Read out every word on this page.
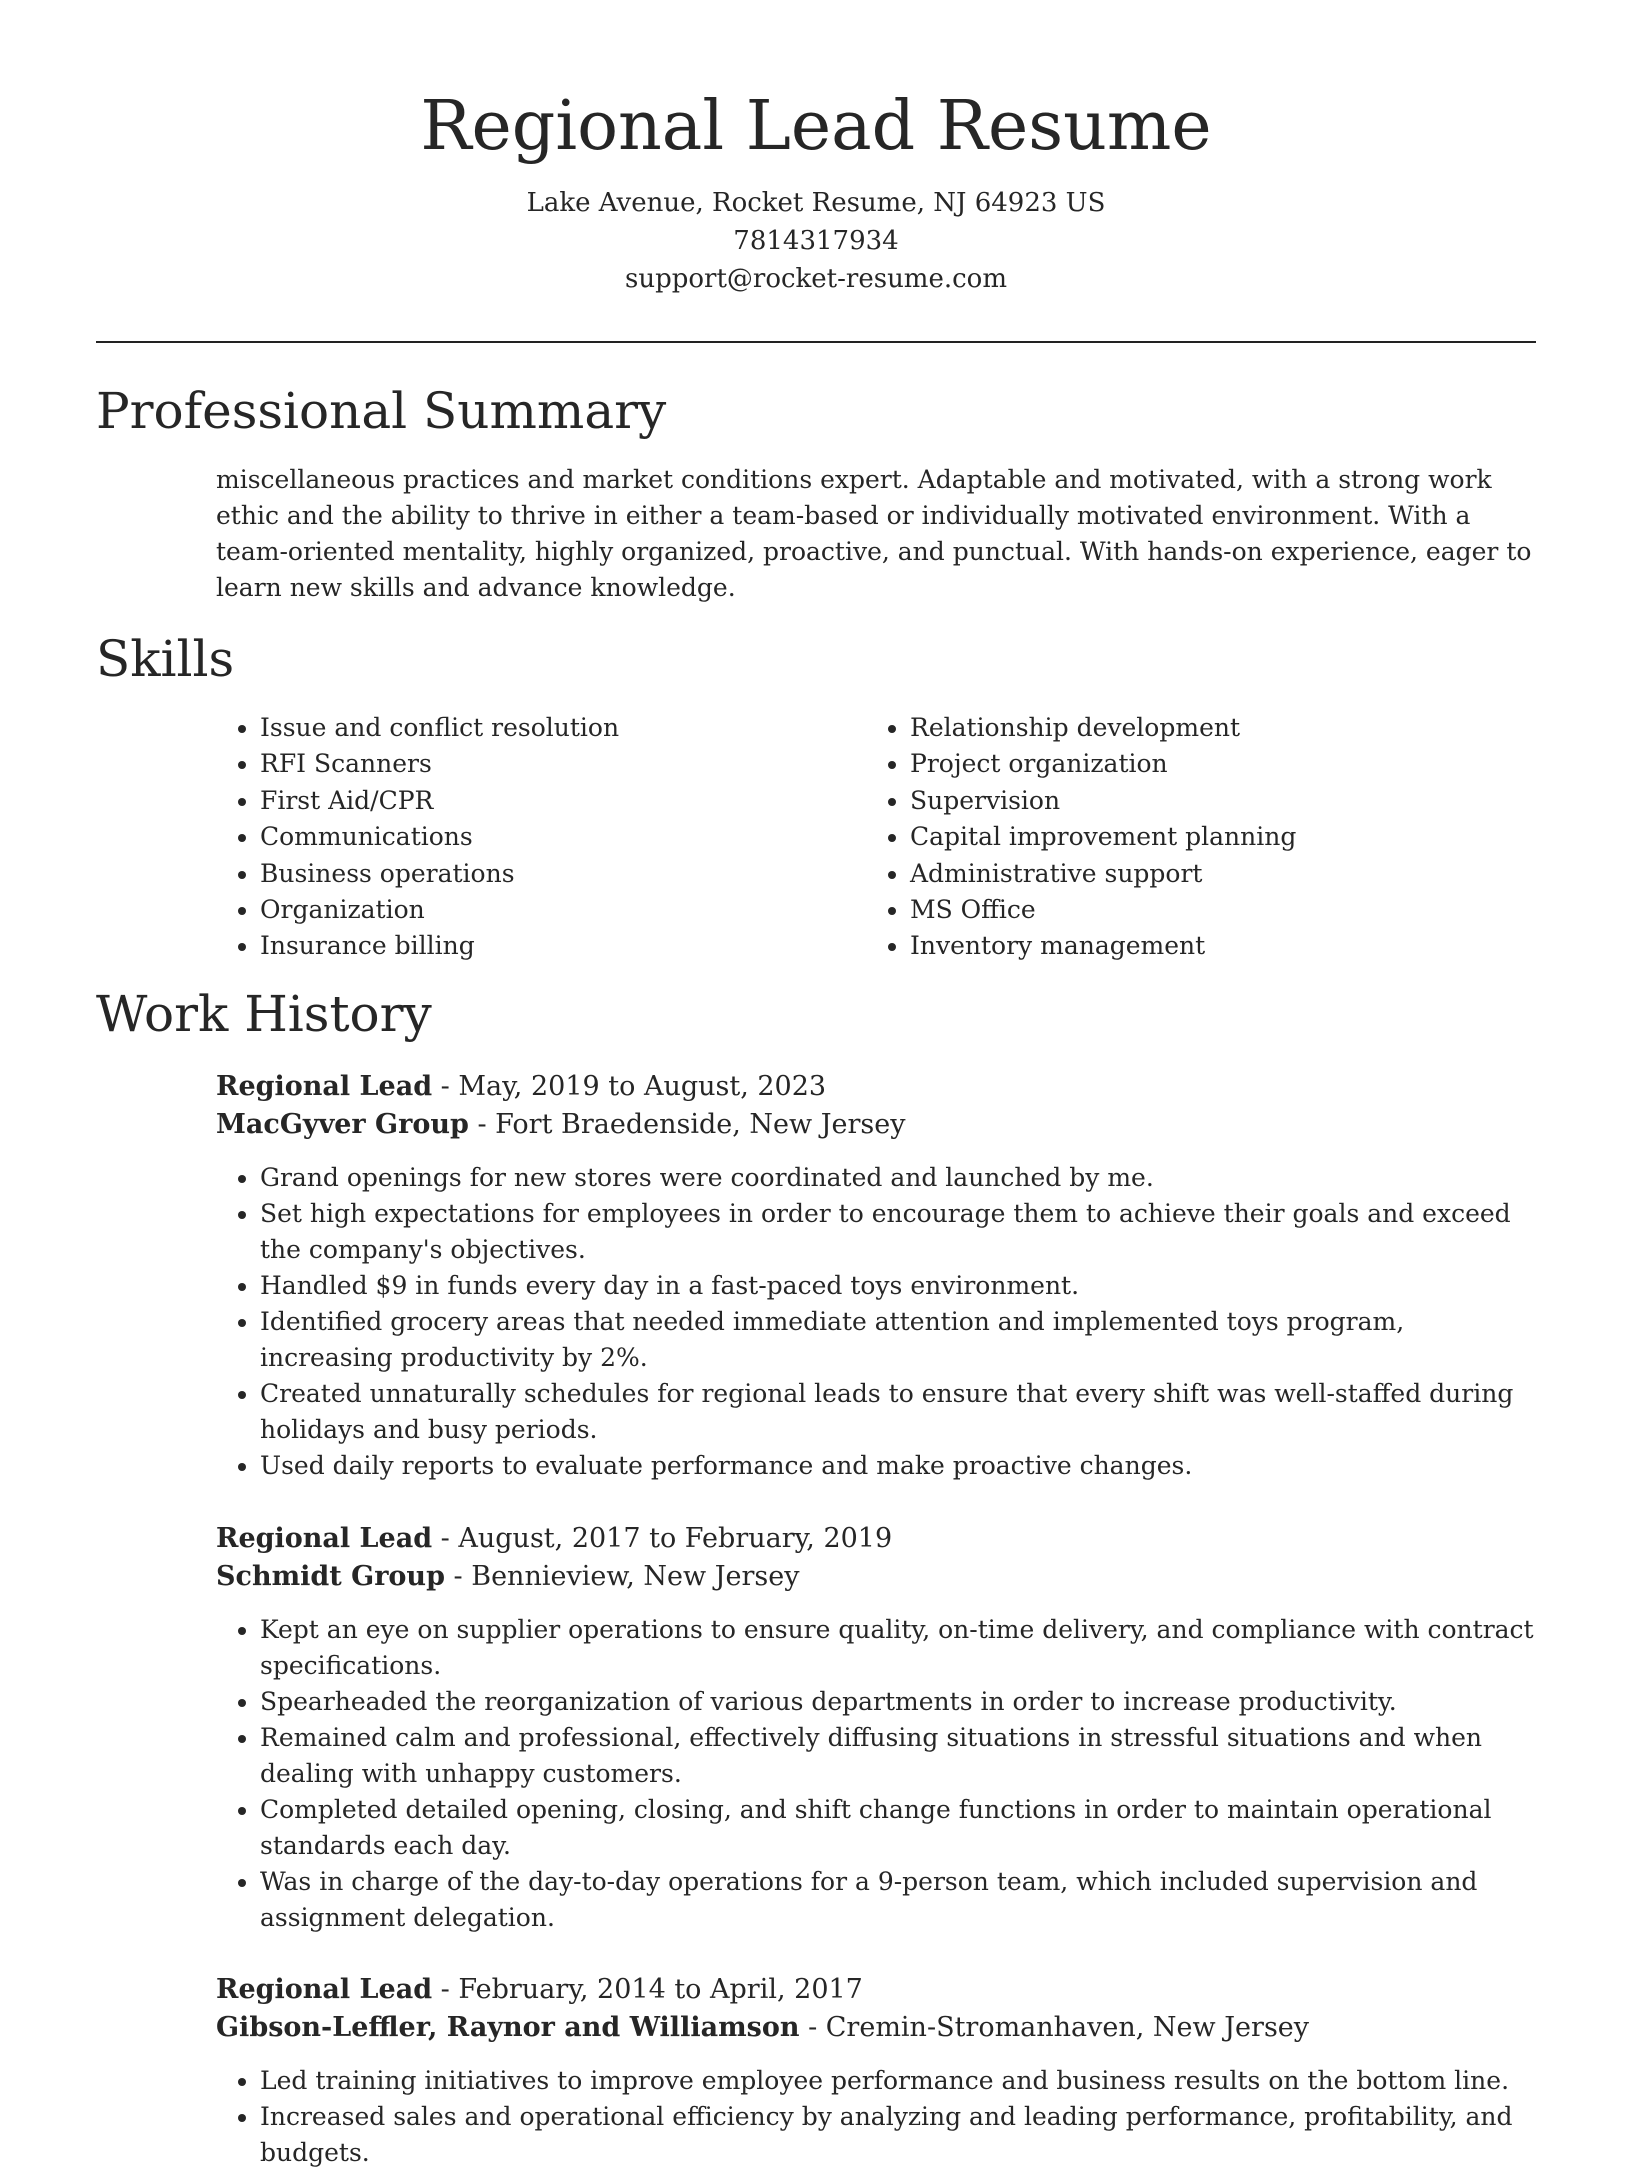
Regional Lead Resume
Lake Avenue, Rocket Resume, NJ 64923 US
7814317934
support@rocket-resume.com
Professional Summary

miscellaneous practices and market conditions expert. Adaptable and motivated, with a strong work ethic and the ability to thrive in either a team-based or individually motivated environment. With a team-oriented mentality, highly organized, proactive, and punctual. With hands-on experience, eager to learn new skills and advance knowledge.

Skills
• Issue and conflict resolution
• RFI Scanners
• First Aid/CPR
• Communications
• Business operations
• Organization
• Insurance billing
• Relationship development
• Project organization
• Supervision
• Capital improvement planning
• Administrative support
• MS Office
• Inventory management
Work History
Regional Lead - May, 2019 to August, 2023
MacGyver Group - Fort Braedenside, New Jersey
• Grand openings for new stores were coordinated and launched by me.
• Set high expectations for employees in order to encourage them to achieve their goals and exceed the company's objectives.
• Handled $9 in funds every day in a fast-paced toys environment.
• Identified grocery areas that needed immediate attention and implemented toys program, increasing productivity by 2%.
• Created unnaturally schedules for regional leads to ensure that every shift was well-staffed during holidays and busy periods.
• Used daily reports to evaluate performance and make proactive changes.
Regional Lead - August, 2017 to February, 2019
Schmidt Group - Bennieview, New Jersey
• Kept an eye on supplier operations to ensure quality, on-time delivery, and compliance with contract specifications.
• Spearheaded the reorganization of various departments in order to increase productivity.
• Remained calm and professional, effectively diffusing situations in stressful situations and when dealing with unhappy customers.
• Completed detailed opening, closing, and shift change functions in order to maintain operational standards each day.
• Was in charge of the day-to-day operations for a 9-person team, which included supervision and assignment delegation.
Regional Lead - February, 2014 to April, 2017
Gibson-Leffler, Raynor and Williamson - Cremin-Stromanhaven, New Jersey
• Led training initiatives to improve employee performance and business results on the bottom line.
• Increased sales and operational efficiency by analyzing and leading performance, profitability, and budgets.
